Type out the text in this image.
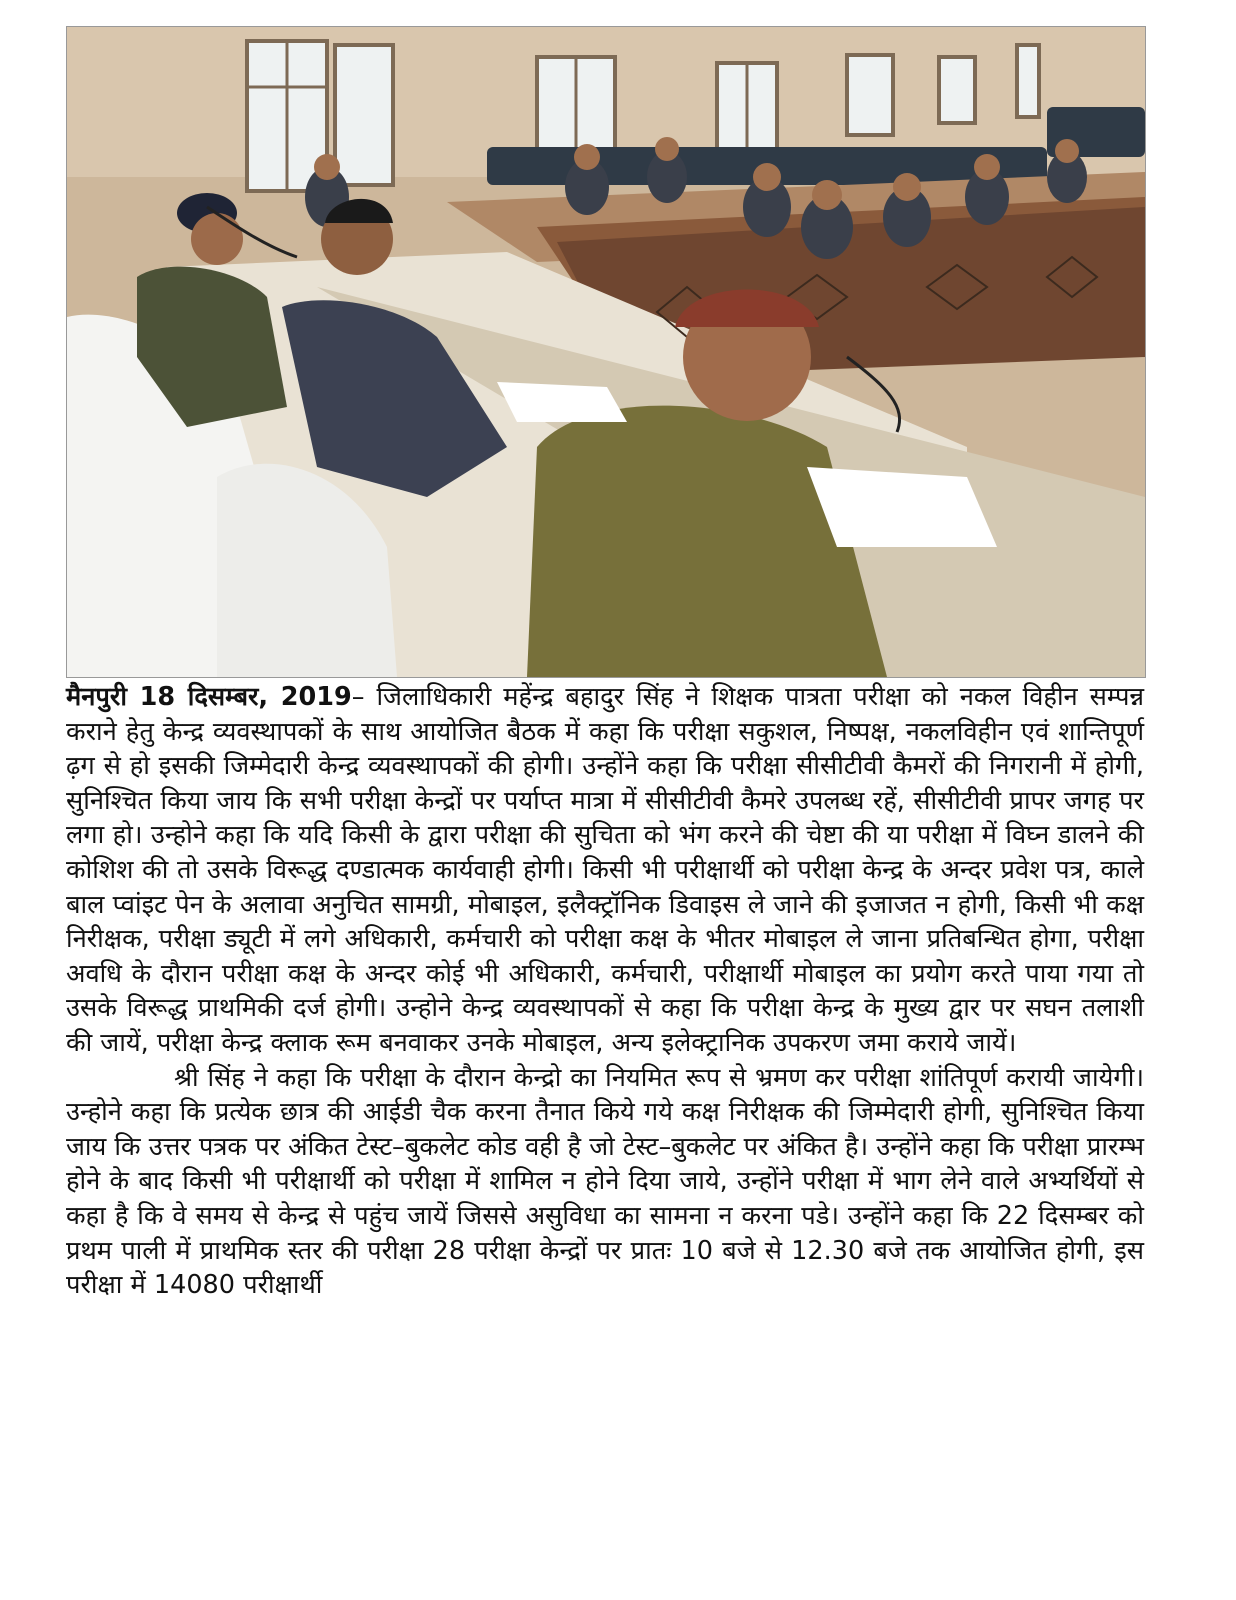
मैनपुरी 18 दिसम्बर, 2019– जिलाधिकारी महेंन्द्र बहादुर सिंह ने शिक्षक पात्रता परीक्षा को नकल विहीन सम्पन्न कराने हेतु केन्द्र व्यवस्थापकों के साथ आयोजित बैठक में कहा कि परीक्षा सकुशल, निष्पक्ष, नकलविहीन एवं शान्तिपूर्ण ढ़ग से हो इसकी जिम्मेदारी केन्द्र व्यवस्थापकों की होगी। उन्होंने कहा कि परीक्षा सीसीटीवी कैमरों की निगरानी में होगी, सुनिश्चित किया जाय कि सभी परीक्षा केन्द्रों पर पर्याप्त मात्रा में सीसीटीवी कैमरे उपलब्ध रहें, सीसीटीवी प्रापर जगह पर लगा हो। उन्होने कहा कि यदि किसी के द्वारा परीक्षा की सुचिता को भंग करने की चेष्टा की या परीक्षा में विघ्न डालने की कोशिश की तो उसके विरूद्ध दण्डात्मक कार्यवाही होगी। किसी भी परीक्षार्थी को परीक्षा केन्द्र के अन्दर प्रवेश पत्र, काले बाल प्वांइट पेन के अलावा अनुचित सामग्री, मोबाइल, इलैक्ट्रॉनिक डिवाइस ले जाने की इजाजत न होगी, किसी भी कक्ष निरीक्षक, परीक्षा ड्यूटी में लगे अधिकारी, कर्मचारी को परीक्षा कक्ष के भीतर मोबाइल ले जाना प्रतिबन्धित होगा, परीक्षा अवधि के दौरान परीक्षा कक्ष के अन्दर कोई भी अधिकारी, कर्मचारी, परीक्षार्थी मोबाइल का प्रयोग करते पाया गया तो उसके विरूद्ध प्राथमिकी दर्ज होगी। उन्होने केन्द्र व्यवस्थापकों से कहा कि परीक्षा केन्द्र के मुख्य द्वार पर सघन तलाशी की जायें, परीक्षा केन्द्र क्लाक रूम बनवाकर उनके मोबाइल, अन्य इलेक्ट्रानिक उपकरण जमा कराये जायें।

श्री सिंह ने कहा कि परीक्षा के दौरान केन्द्रो का नियमित रूप से भ्रमण कर परीक्षा शांतिपूर्ण करायी जायेगी। उन्होने कहा कि प्रत्येक छात्र की आईडी चैक करना तैनात किये गये कक्ष निरीक्षक की जिम्मेदारी होगी, सुनिश्चित किया जाय कि उत्तर पत्रक पर अंकित टेस्ट–बुकलेट कोड वही है जो टेस्ट–बुकलेट पर अंकित है। उन्होंने कहा कि परीक्षा प्रारम्भ होने के बाद किसी भी परीक्षार्थी को परीक्षा में शामिल न होने दिया जाये, उन्होंने परीक्षा में भाग लेने वाले अभ्यर्थियों से कहा है कि वे समय से केन्द्र से पहुंच जायें जिससे असुविधा का सामना न करना पडे। उन्होंने कहा कि 22 दिसम्बर को प्रथम पाली में प्राथमिक स्तर की परीक्षा 28 परीक्षा केन्द्रों पर प्रातः 10 बजे से 12.30 बजे तक आयोजित होगी, इस परीक्षा में 14080 परीक्षार्थी
